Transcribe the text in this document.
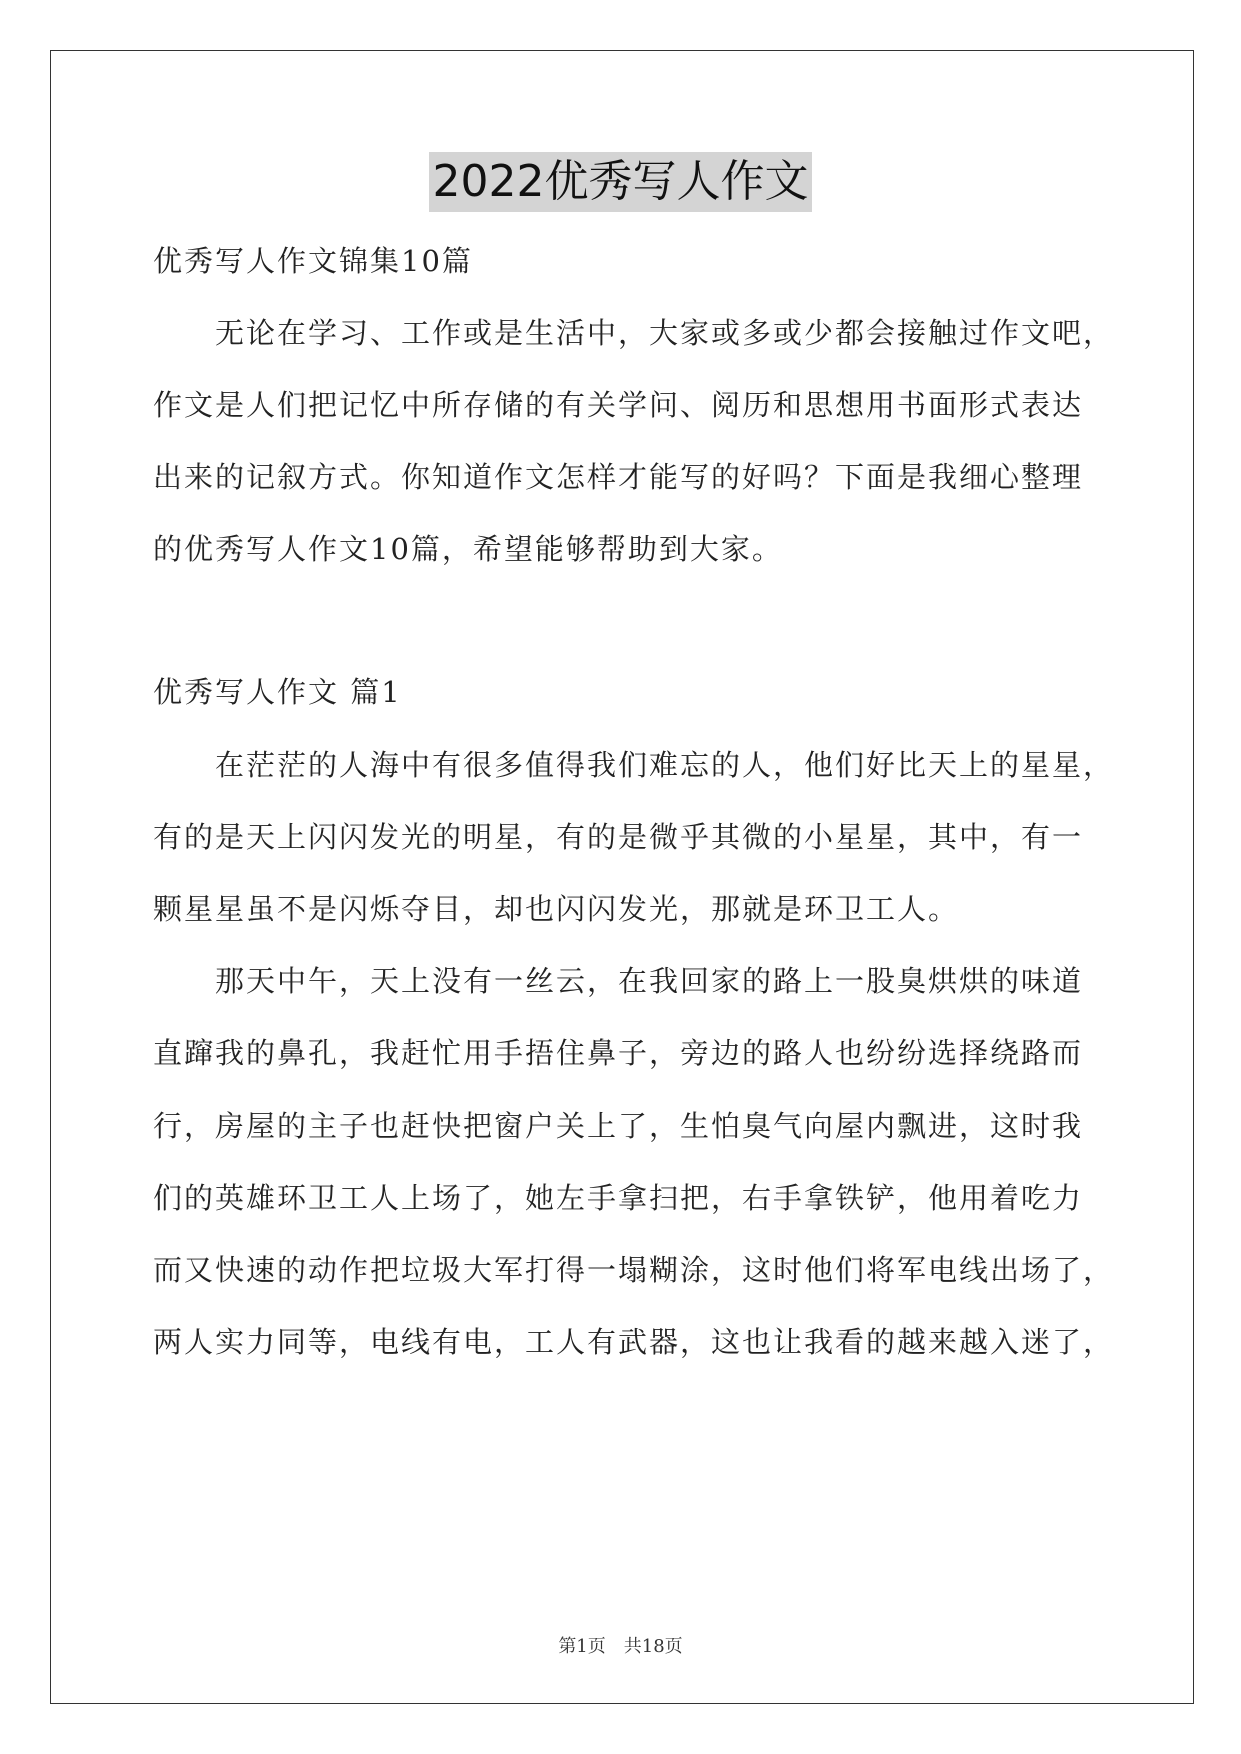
2022优秀写人作文
优秀写人作文锦集10篇
无论在学习、工作或是生活中，大家或多或少都会接触过作文吧，
作文是人们把记忆中所存储的有关学问、阅历和思想用书面形式表达
出来的记叙方式。你知道作文怎样才能写的好吗？下面是我细心整理
的优秀写人作文10篇，希望能够帮助到大家。
优秀写人作文 篇1
在茫茫的人海中有很多值得我们难忘的人，他们好比天上的星星，
有的是天上闪闪发光的明星，有的是微乎其微的小星星，其中，有一
颗星星虽不是闪烁夺目，却也闪闪发光，那就是环卫工人。
那天中午，天上没有一丝云，在我回家的路上一股臭烘烘的味道
直蹿我的鼻孔，我赶忙用手捂住鼻子，旁边的路人也纷纷选择绕路而
行，房屋的主子也赶快把窗户关上了，生怕臭气向屋内飘进，这时我
们的英雄环卫工人上场了，她左手拿扫把，右手拿铁铲，他用着吃力
而又快速的动作把垃圾大军打得一塌糊涂，这时他们将军电线出场了，
两人实力同等，电线有电，工人有武器，这也让我看的越来越入迷了，
第1页 共18页
